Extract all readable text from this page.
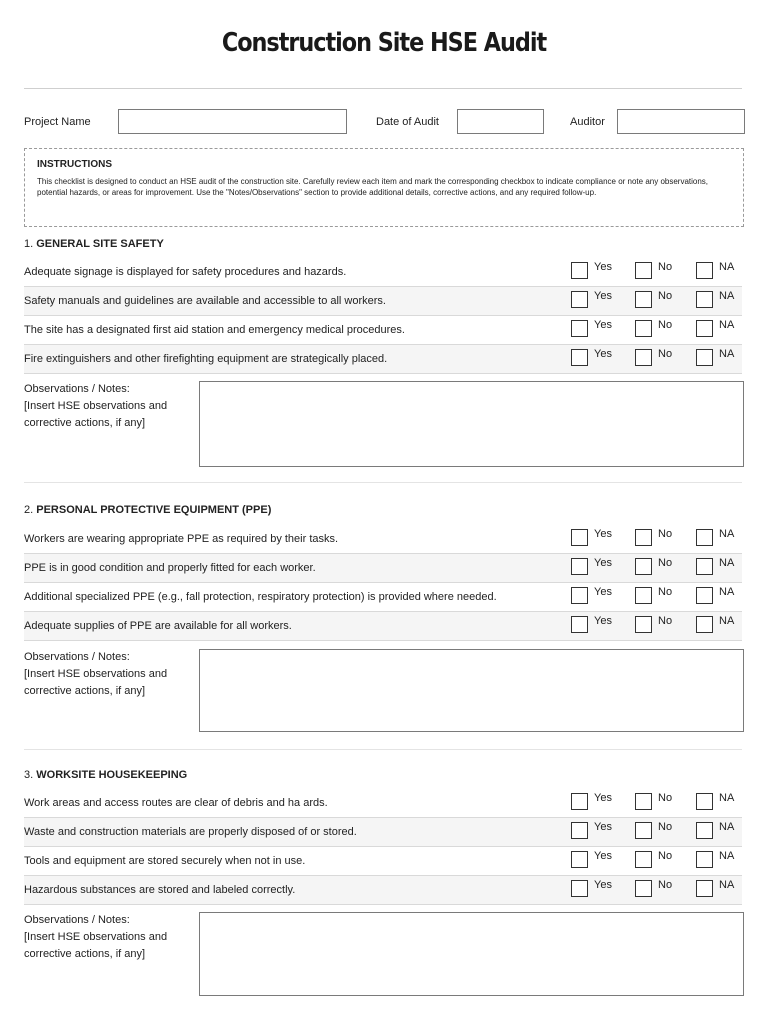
Construction Site HSE Audit
Project Name	Date of Audit	Auditor
INSTRUCTIONS
This checklist is designed to conduct an HSE audit of the construction site. Carefully review each item and mark the corresponding checkbox to indicate compliance or note any observations, potential hazards, or areas for improvement. Use the "Notes/Observations" section to provide additional details, corrective actions, and any required follow-up.
1. GENERAL SITE SAFETY
Adequate signage is displayed for safety procedures and hazards.	Yes	No	NA
Safety manuals and guidelines are available and accessible to all workers.	Yes	No	NA
The site has a designated first aid station and emergency medical procedures.	Yes	No	NA
Fire extinguishers and other firefighting equipment are strategically placed.	Yes	No	NA
Observations / Notes:
[Insert HSE observations and
corrective actions, if any]
2. PERSONAL PROTECTIVE EQUIPMENT (PPE)
Workers are wearing appropriate PPE as required by their tasks.	Yes	No	NA
PPE is in good condition and properly fitted for each worker.	Yes	No	NA
Additional specialized PPE (e.g., fall protection, respiratory protection) is provided where needed.	Yes	No	NA
Adequate supplies of PPE are available for all workers.	Yes	No	NA
Observations / Notes:
[Insert HSE observations and
corrective actions, if any]
3. WORKSITE HOUSEKEEPING
Work areas and access routes are clear of debris and ha ards.	Yes	No	NA
Waste and construction materials are properly disposed of or stored.	Yes	No	NA
Tools and equipment are stored securely when not in use.	Yes	No	NA
Hazardous substances are stored and labeled correctly.	Yes	No	NA
Observations / Notes:
[Insert HSE observations and
corrective actions, if any]
